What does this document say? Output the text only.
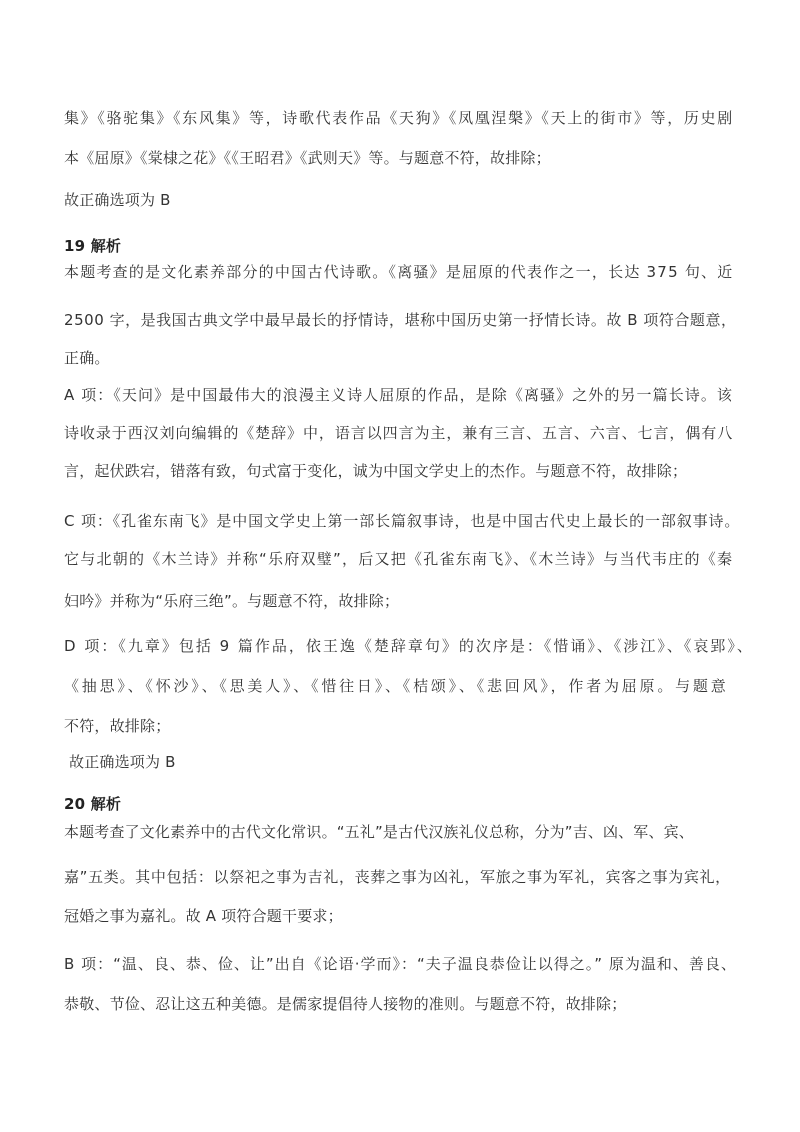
集》《骆驼集》《东风集》等，诗歌代表作品《天狗》《凤凰涅槃》《天上的街市》等，历史剧
本《屈原》《棠棣之花》《《王昭君》《武则天》等。与题意不符，故排除；
故正确选项为 B
19 解析
本题考查的是文化素养部分的中国古代诗歌。《离骚》是屈原的代表作之一，长达 375 句、近
2500 字，是我国古典文学中最早最长的抒情诗，堪称中国历史第一抒情长诗。故 B 项符合题意，
正确。
A 项：《天问》是中国最伟大的浪漫主义诗人屈原的作品，是除《离骚》之外的另一篇长诗。该
诗收录于西汉刘向编辑的《楚辞》中，语言以四言为主，兼有三言、五言、六言、七言，偶有八
言，起伏跌宕，错落有致，句式富于变化，诚为中国文学史上的杰作。与题意不符，故排除；
C 项：《孔雀东南飞》是中国文学史上第一部长篇叙事诗，也是中国古代史上最长的一部叙事诗。
它与北朝的《木兰诗》并称“乐府双璧”，后又把《孔雀东南飞》、《木兰诗》与当代韦庄的《秦
妇吟》并称为“乐府三绝”。与题意不符，故排除；
D 项：《九章》包括 9 篇作品，依王逸《楚辞章句》的次序是：《惜诵》、《涉江》、《哀郢》、
《抽思》、《怀沙》、《思美人》、《惜往日》、《桔颂》、《悲回风》，作者为屈原。与题意
不符，故排除；
故正确选项为 B
20 解析
本题考查了文化素养中的古代文化常识。“五礼”是古代汉族礼仪总称，分为”吉、凶、军、宾、
嘉”五类。其中包括：以祭祀之事为吉礼，丧葬之事为凶礼，军旅之事为军礼，宾客之事为宾礼，
冠婚之事为嘉礼。故 A 项符合题干要求；
B 项：“温、良、恭、俭、让”出自《论语·学而》：“夫子温良恭俭让以得之。” 原为温和、善良、
恭敬、节俭、忍让这五种美德。是儒家提倡待人接物的准则。与题意不符，故排除；
